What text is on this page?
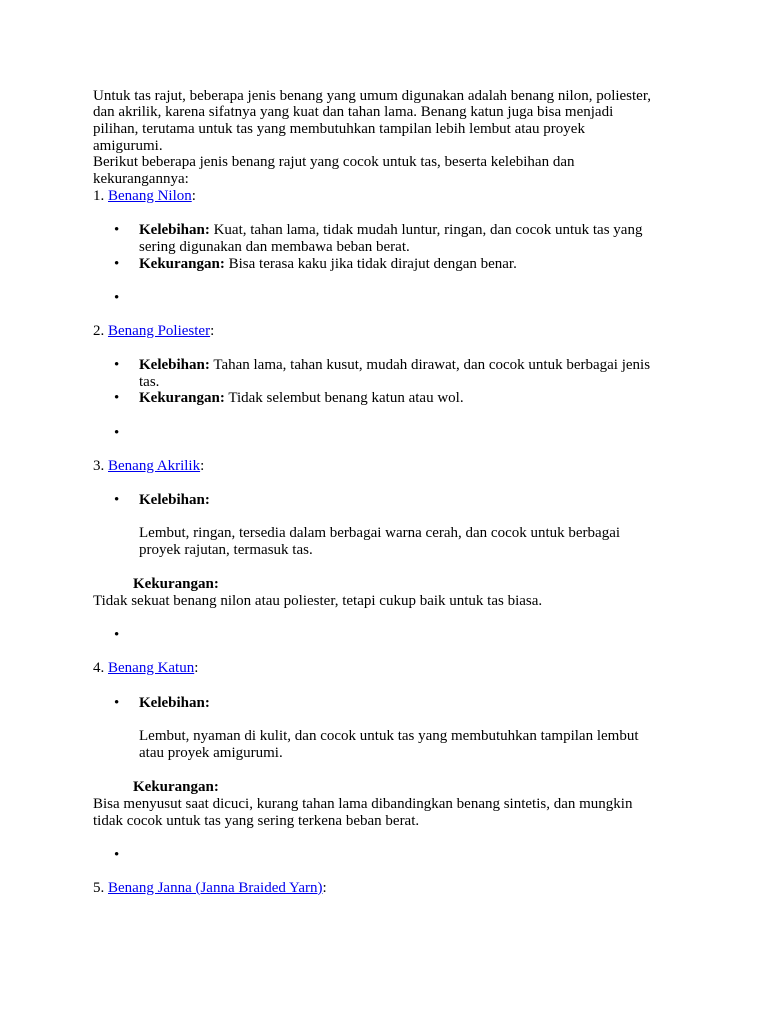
Untuk tas rajut, beberapa jenis benang yang umum digunakan adalah benang nilon, poliester,
dan akrilik, karena sifatnya yang kuat dan tahan lama. Benang katun juga bisa menjadi
pilihan, terutama untuk tas yang membutuhkan tampilan lebih lembut atau proyek
amigurumi.
Berikut beberapa jenis benang rajut yang cocok untuk tas, beserta kelebihan dan
kekurangannya:
1. Benang Nilon:
• Kelebihan: Kuat, tahan lama, tidak mudah luntur, ringan, dan cocok untuk tas yang
sering digunakan dan membawa beban berat.
• Kekurangan: Bisa terasa kaku jika tidak dirajut dengan benar.
•
2. Benang Poliester:
• Kelebihan: Tahan lama, tahan kusut, mudah dirawat, dan cocok untuk berbagai jenis
tas.
• Kekurangan: Tidak selembut benang katun atau wol.
•
3. Benang Akrilik:
• Kelebihan:
Lembut, ringan, tersedia dalam berbagai warna cerah, dan cocok untuk berbagai
proyek rajutan, termasuk tas.
Kekurangan:
Tidak sekuat benang nilon atau poliester, tetapi cukup baik untuk tas biasa.
•
4. Benang Katun:
• Kelebihan:
Lembut, nyaman di kulit, dan cocok untuk tas yang membutuhkan tampilan lembut
atau proyek amigurumi.
Kekurangan:
Bisa menyusut saat dicuci, kurang tahan lama dibandingkan benang sintetis, dan mungkin
tidak cocok untuk tas yang sering terkena beban berat.
•
5. Benang Janna (Janna Braided Yarn):
